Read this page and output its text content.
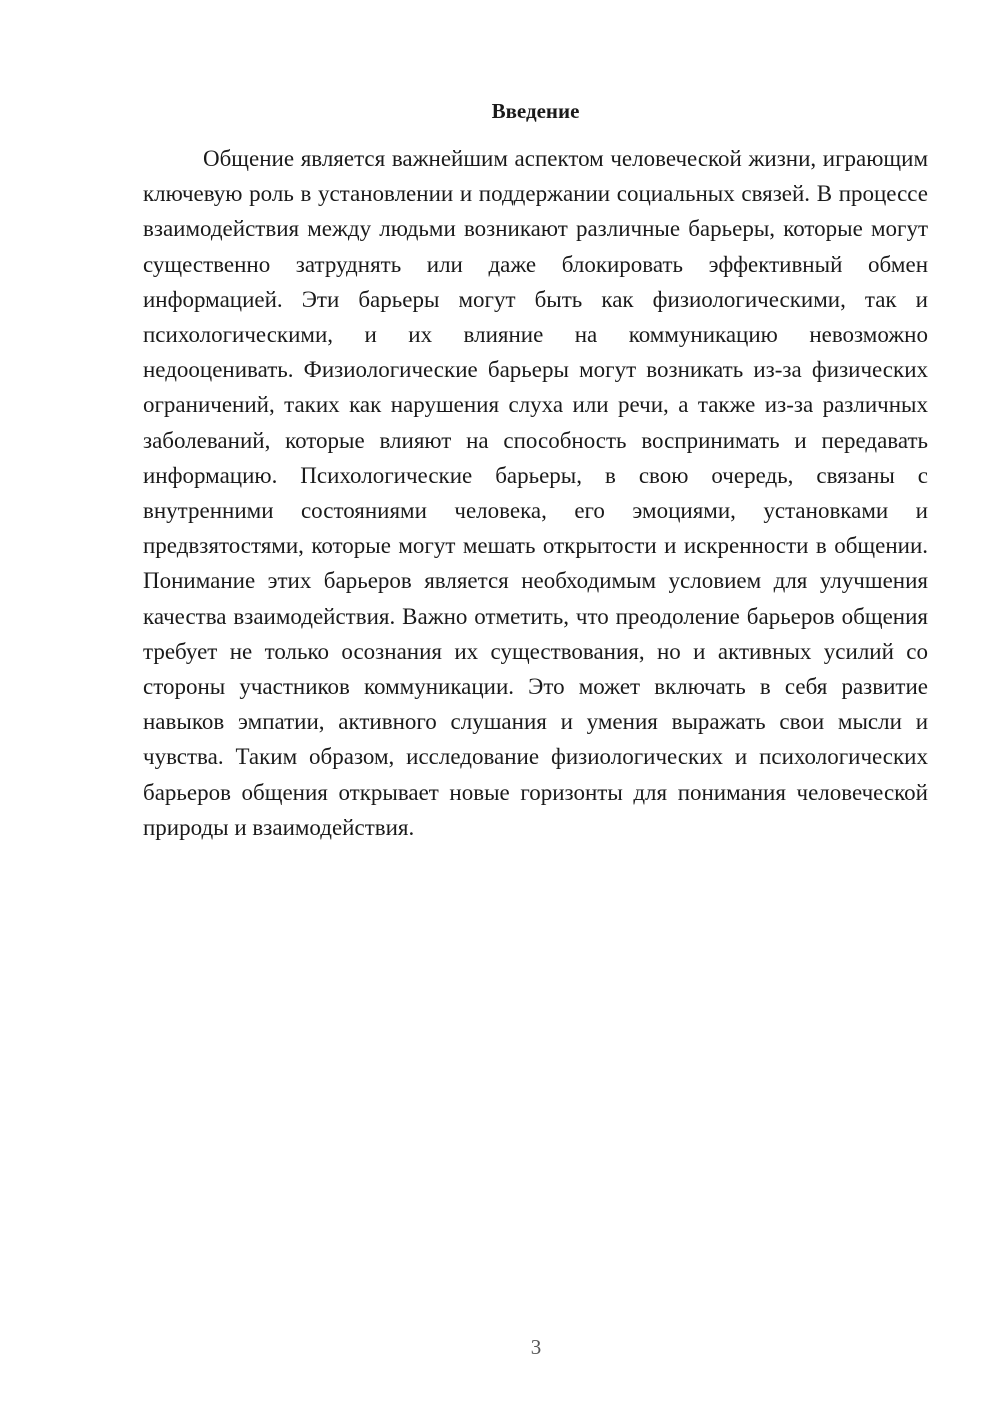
Введение

Общение является важнейшим аспектом человеческой жизни, играющим ключевую роль в установлении и поддержании социальных связей. В процессе взаимодействия между людьми возникают различные барьеры, которые могут существенно затруднять или даже блокировать эффективный обмен информацией. Эти барьеры могут быть как физиологическими, так и психологическими, и их влияние на коммуникацию невозможно недооценивать. Физиологические барьеры могут возникать из-за физических ограничений, таких как нарушения слуха или речи, а также из-за различных заболеваний, которые влияют на способность воспринимать и передавать информацию. Психологические барьеры, в свою очередь, связаны с внутренними состояниями человека, его эмоциями, установками и предвзятостями, которые могут мешать открытости и искренности в общении. Понимание этих барьеров является необходимым условием для улучшения качества взаимодействия. Важно отметить, что преодоление барьеров общения требует не только осознания их существования, но и активных усилий со стороны участников коммуникации. Это может включать в себя развитие навыков эмпатии, активного слушания и умения выражать свои мысли и чувства. Таким образом, исследование физиологических и психологических барьеров общения открывает новые горизонты для понимания человеческой природы и взаимодействия.

3
